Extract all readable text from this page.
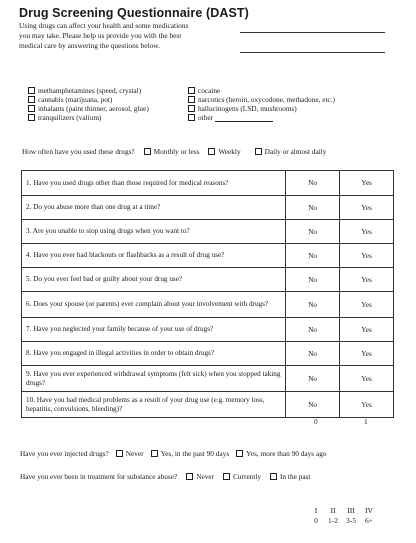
Drug Screening Questionnaire (DAST)
Using drugs can affect your health and some medications
you may take. Please help us provide you with the best
medical care by answering the questions below.
methamphetamines (speed, crystal)
cannabis (marijuana, pot)
inhalants (paint thinner, aerosol, glue)
tranquilizers (valium)
cocaine
narcotics (heroin, oxycodone, methadone, etc.)
hallucinogens (LSD, mushrooms)
other
How often have you used these drugs?	Monthly or less	Weekly	Daily or almost daily
1. Have you used drugs other than those required for medical reasons?	No	Yes
2. Do you abuse more than one drug at a time?	No	Yes
3. Are you unable to stop using drugs when you want to?	No	Yes
4. Have you ever had blackouts or flashbacks as a result of drug use?	No	Yes
5. Do you ever feel bad or guilty about your drug use?	No	Yes
6. Does your spouse (or parents) ever complain about your involvement with drugs?	No	Yes
7. Have you neglected your family because of your use of drugs?	No	Yes
8. Have you engaged in illegal activities in order to obtain drugs?	No	Yes
9. Have you ever experienced withdrawal symptoms (felt sick) when you stopped taking drugs?	No	Yes
10. Have you had medical problems as a result of your drug use (e.g. memory loss, hepatitis, convulsions, bleeding)?	No	Yes
0	1
Have you ever injected drugs? Never Yes, in the past 90 days Yes, more than 90 days ago
Have you ever been in treatment for substance abuse?	Never	Currently	In the past
I	II	III	IV
0	1-2	3-5	6+
